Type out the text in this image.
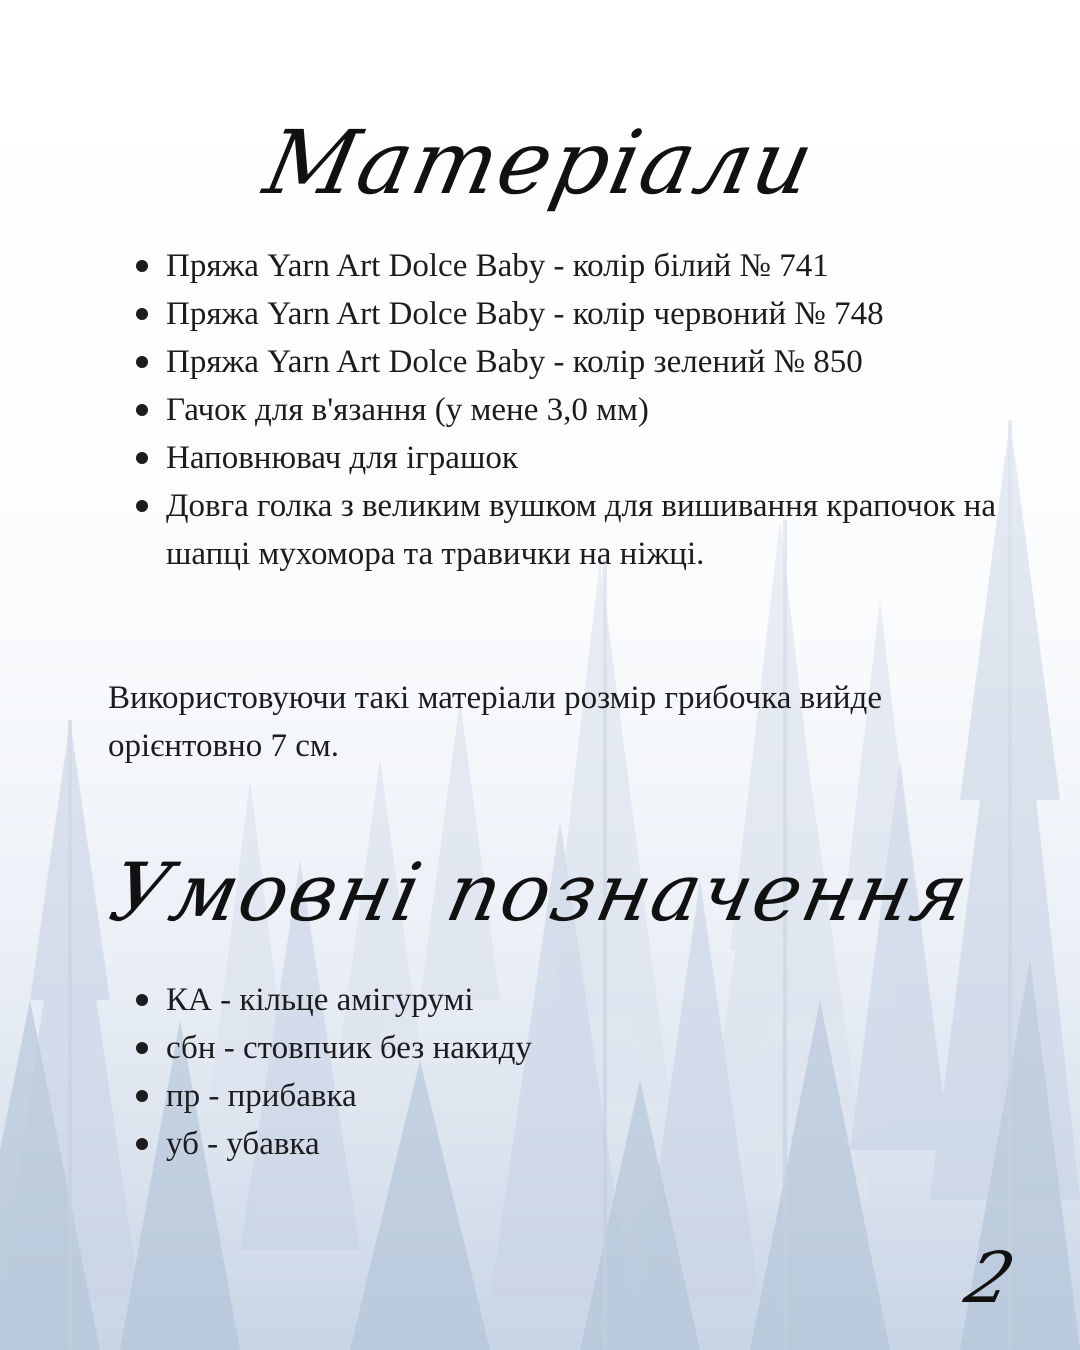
Матеріали
Пряжа Yarn Art Dolce Baby - колір білий № 741
Пряжа Yarn Art Dolce Baby - колір червоний № 748
Пряжа Yarn Art Dolce Baby - колір зелений № 850
Гачок для в'язання (у мене 3,0 мм)
Наповнювач для іграшок
Довга голка з великим вушком для вишивання крапочок на шапці мухомора та травички на ніжці.

Використовуючи такі матеріали розмір грибочка вийде орієнтовно 7 см.

Умовні позначення
КА - кільце амігурумі
сбн - стовпчик без накиду
пр - прибавка
уб - убавка
2
